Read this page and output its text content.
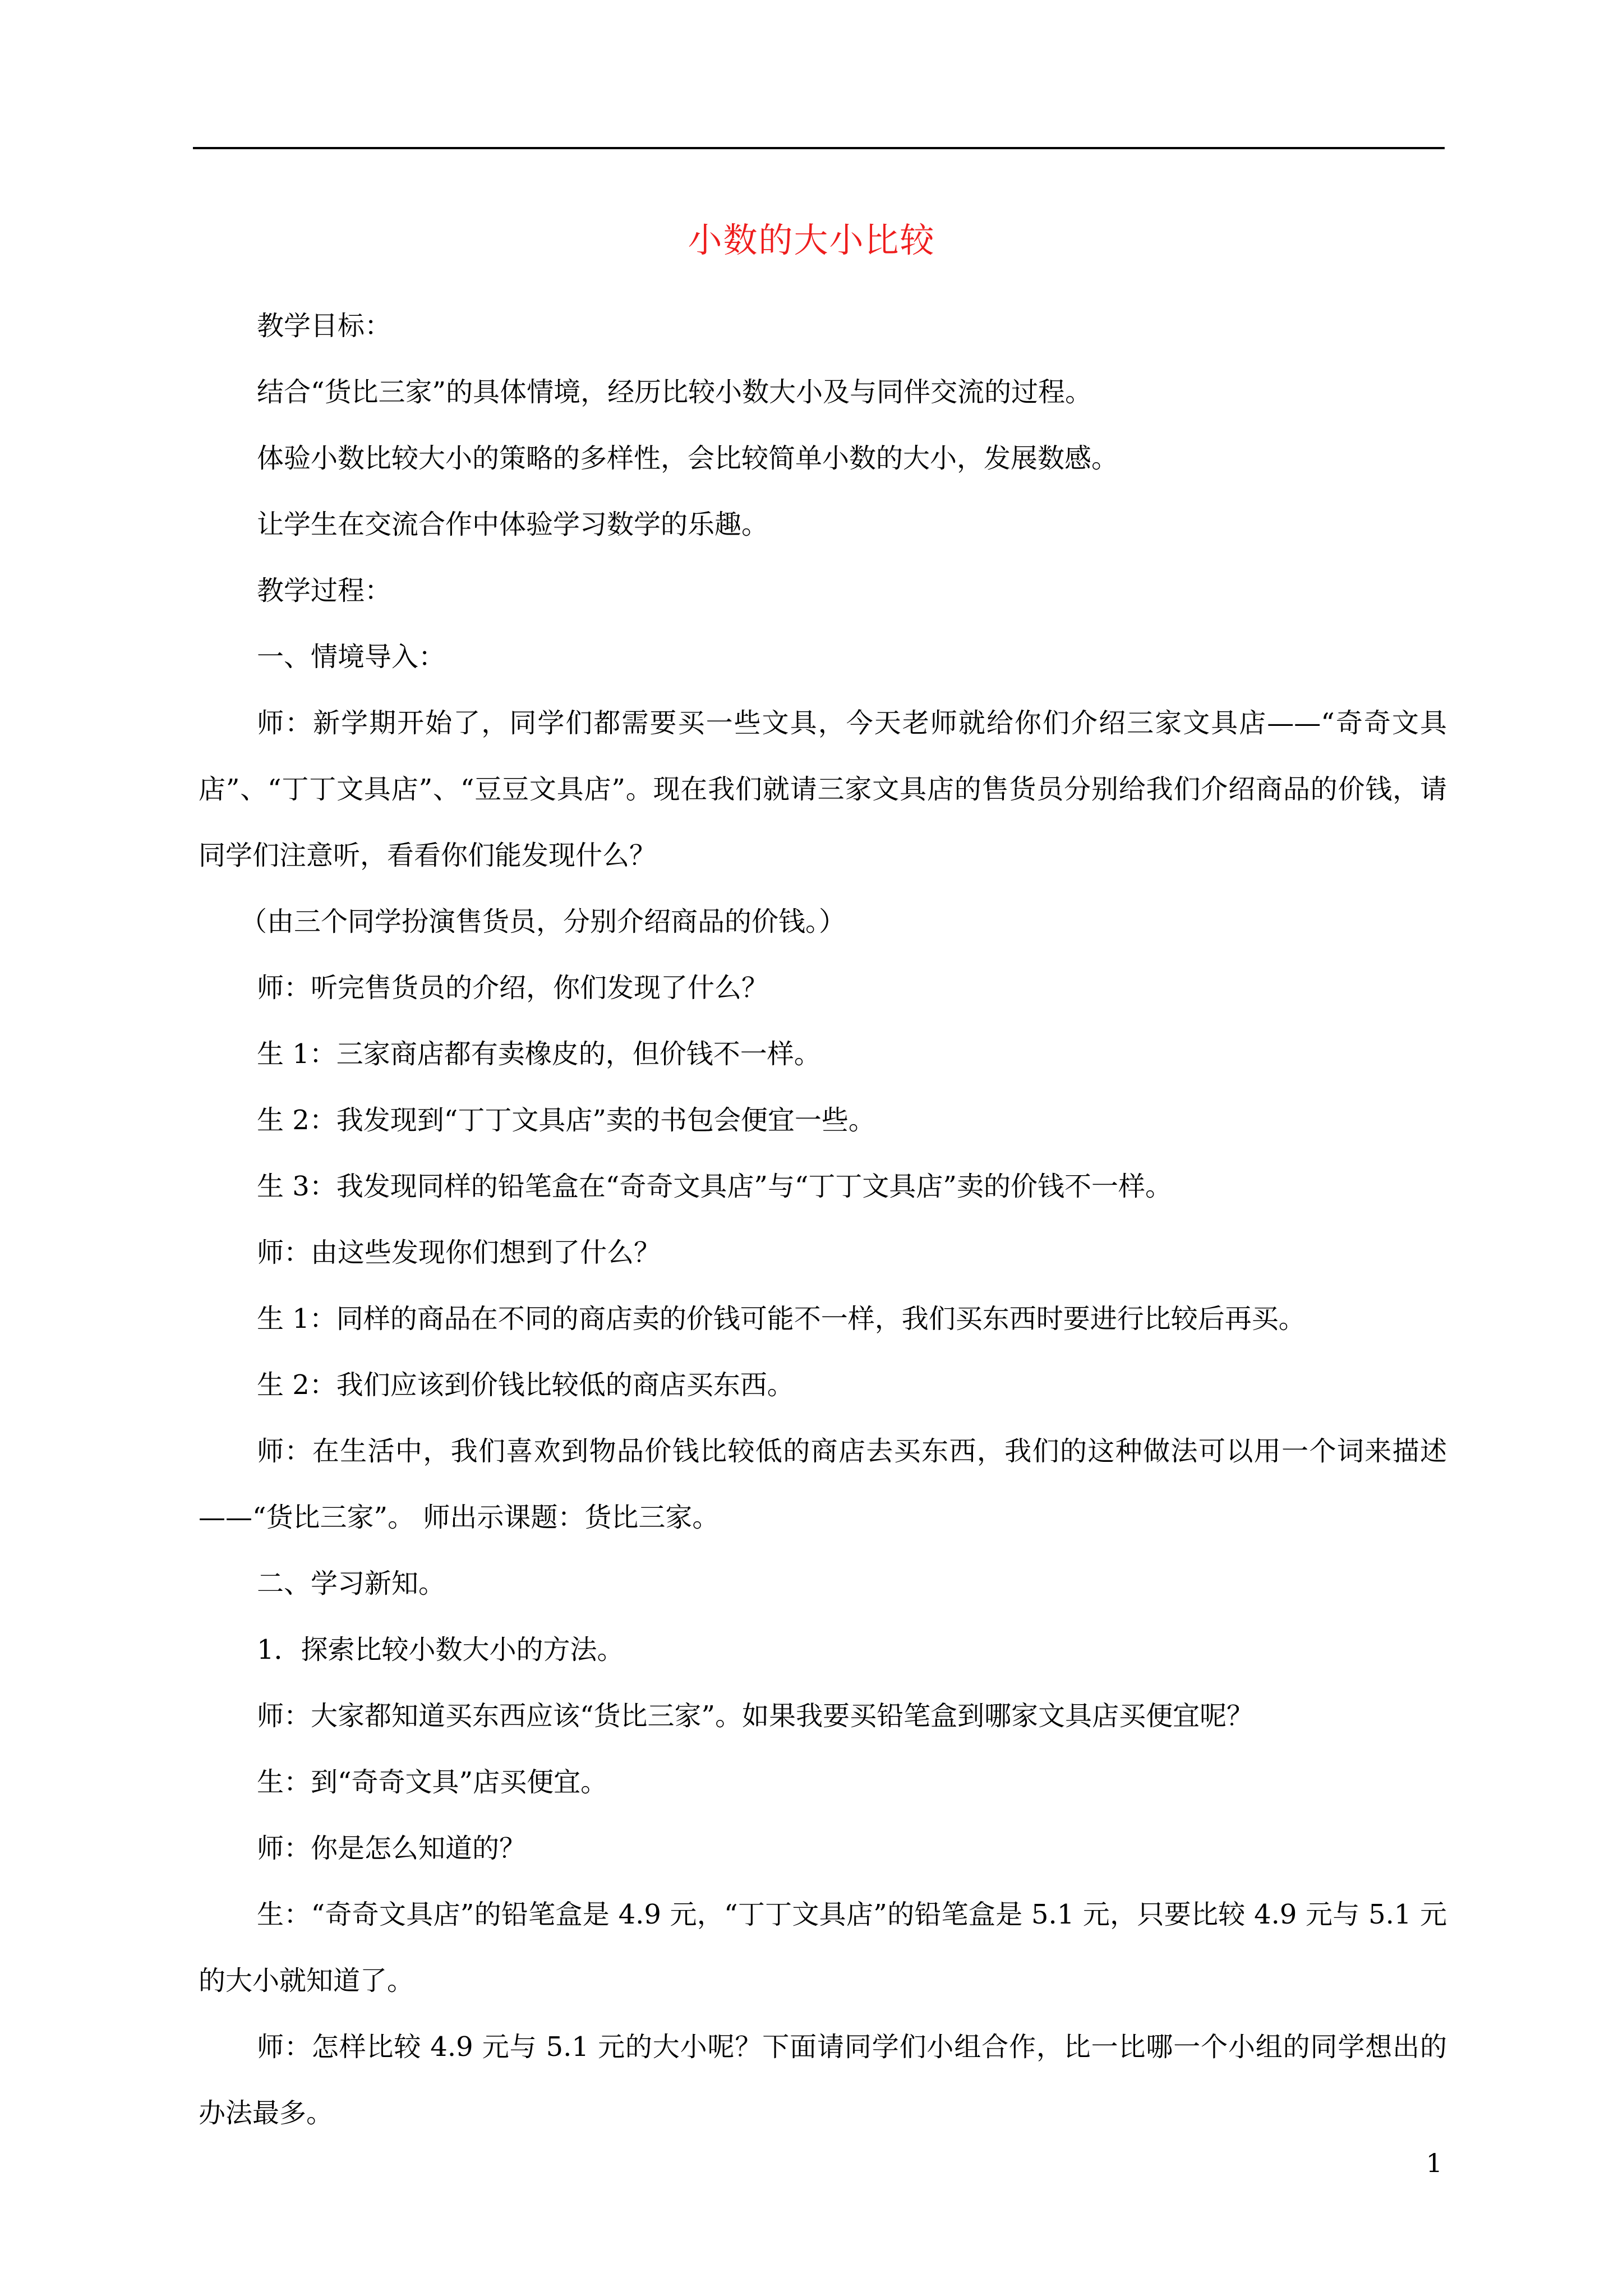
小数的大小比较

教学目标：

结合“货比三家”的具体情境，经历比较小数大小及与同伴交流的过程。

体验小数比较大小的策略的多样性，会比较简单小数的大小，发展数感。

让学生在交流合作中体验学习数学的乐趣。

教学过程：

一、情境导入：

师：新学期开始了，同学们都需要买一些文具，今天老师就给你们介绍三家文具店——“奇奇文具店”、“丁丁文具店”、“豆豆文具店”。现在我们就请三家文具店的售货员分别给我们介绍商品的价钱，请同学们注意听，看看你们能发现什么？

（由三个同学扮演售货员，分别介绍商品的价钱。）

师：听完售货员的介绍，你们发现了什么？

生 1：三家商店都有卖橡皮的，但价钱不一样。

生 2：我发现到“丁丁文具店”卖的书包会便宜一些。

生 3：我发现同样的铅笔盒在“奇奇文具店”与“丁丁文具店”卖的价钱不一样。

师：由这些发现你们想到了什么？

生 1：同样的商品在不同的商店卖的价钱可能不一样，我们买东西时要进行比较后再买。

生 2：我们应该到价钱比较低的商店买东西。

师：在生活中，我们喜欢到物品价钱比较低的商店去买东西，我们的这种做法可以用一个词来描述——“货比三家”。 师出示课题：货比三家。

二、学习新知。

1．探索比较小数大小的方法。

师：大家都知道买东西应该“货比三家”。如果我要买铅笔盒到哪家文具店买便宜呢？

生：到“奇奇文具”店买便宜。

师：你是怎么知道的？

生：“奇奇文具店”的铅笔盒是 4.9 元，“丁丁文具店”的铅笔盒是 5.1 元，只要比较 4.9 元与 5.1 元的大小就知道了。

师：怎样比较 4.9 元与 5.1 元的大小呢？下面请同学们小组合作，比一比哪一个小组的同学想出的办法最多。

1
